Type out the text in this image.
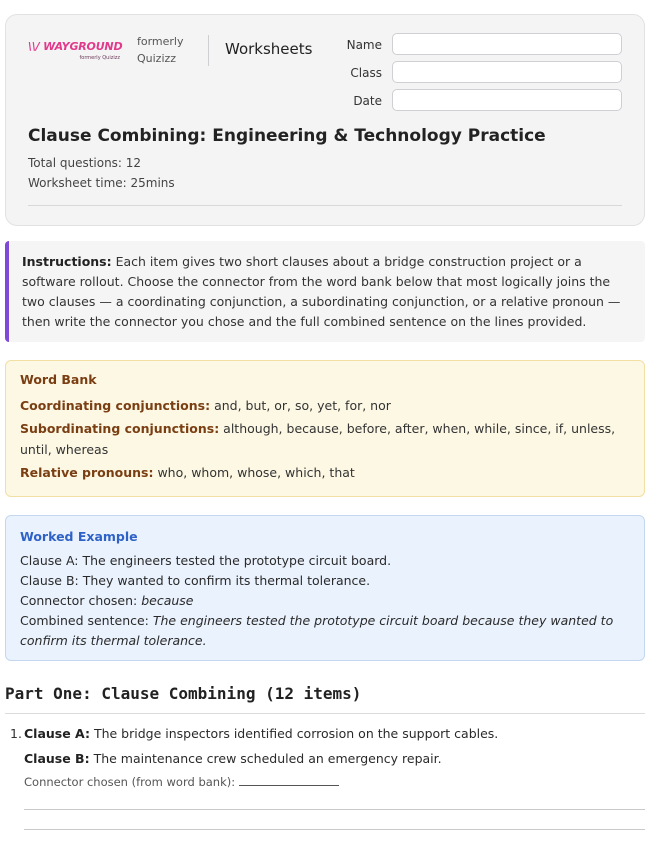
\\/ WAYGROUND
formerly Quizizz
formerly
Quizizz
Worksheets	Name
Class
Date
Clause Combining: Engineering & Technology Practice
Total questions: 12
Worksheet time: 25mins
Instructions: Each item gives two short clauses about a bridge construction project or a software rollout. Choose the connector from the word bank below that most logically joins the two clauses — a coordinating conjunction, a subordinating conjunction, or a relative pronoun — then write the connector you chose and the full combined sentence on the lines provided.
Word Bank
Coordinating conjunctions: and, but, or, so, yet, for, nor
Subordinating conjunctions: although, because, before, after, when, while, since, if, unless, until, whereas
Relative pronouns: who, whom, whose, which, that
Worked Example
Clause A: The engineers tested the prototype circuit board.
Clause B: They wanted to confirm its thermal tolerance.
Connector chosen: because
Combined sentence: The engineers tested the prototype circuit board because they wanted to confirm its thermal tolerance.
Part One: Clause Combining (12 items)
1. Clause A: The bridge inspectors identified corrosion on the support cables.
Clause B: The maintenance crew scheduled an emergency repair.
Connector chosen (from word bank):
